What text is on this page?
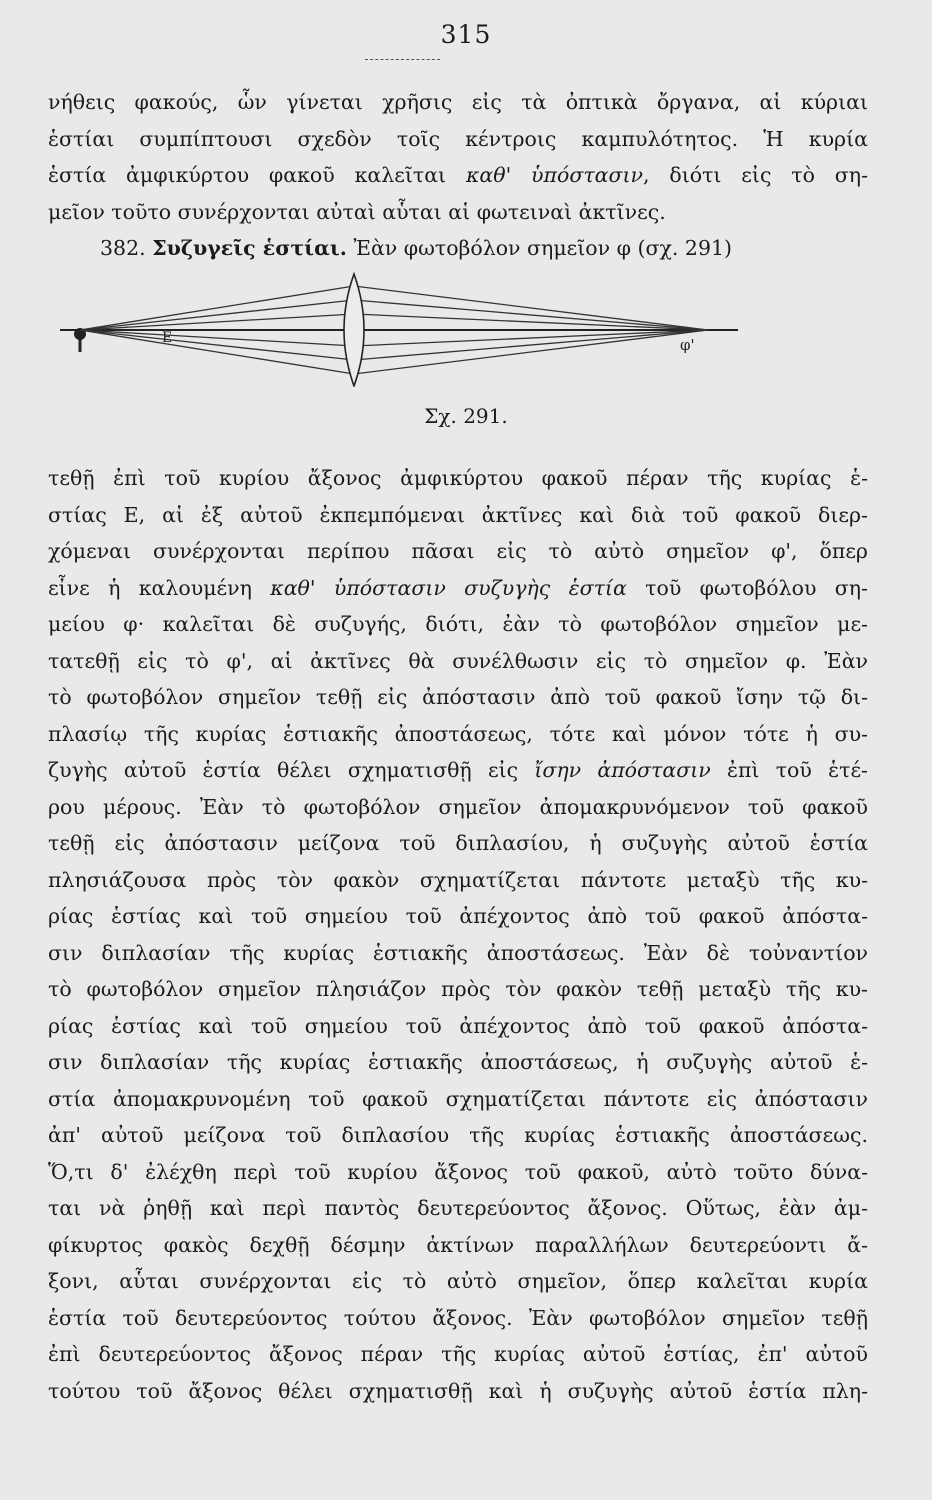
315
νήθεις φακούς, ὧν γίνεται χρῆσις εἰς τὰ ὀπτικὰ ὄργανα, αἱ κύριαι
ἑστίαι συμπίπτουσι σχεδὸν τοῖς κέντροις καμπυλότητος. Ἡ κυρία
ἑστία ἀμφικύρτου φακοῦ καλεῖται καθ' ὑπόστασιν, διότι εἰς τὸ ση-
μεῖον τοῦτο συνέρχονται αὐταὶ αὗται αἱ φωτειναὶ ἀκτῖνες.
382. Συζυγεῖς ἑστίαι. Ἐὰν φωτοβόλον σημεῖον φ (σχ. 291)
E	φ'
Σχ. 291.
τεθῇ ἐπὶ τοῦ κυρίου ἄξονος ἀμφικύρτου φακοῦ πέραν τῆς κυρίας ἑ-
στίας Ε, αἱ ἐξ αὐτοῦ ἐκπεμπόμεναι ἀκτῖνες καὶ διὰ τοῦ φακοῦ διερ-
χόμεναι συνέρχονται περίπου πᾶσαι εἰς τὸ αὐτὸ σημεῖον φ', ὅπερ
εἶνε ἡ καλουμένη καθ' ὑπόστασιν συζυγὴς ἑστία τοῦ φωτοβόλου ση-
μείου φ· καλεῖται δὲ συζυγής, διότι, ἐὰν τὸ φωτοβόλον σημεῖον με-
τατεθῇ εἰς τὸ φ', αἱ ἀκτῖνες θὰ συνέλθωσιν εἰς τὸ σημεῖον φ. Ἐὰν
τὸ φωτοβόλον σημεῖον τεθῇ εἰς ἀπόστασιν ἀπὸ τοῦ φακοῦ ἴσην τῷ δι-
πλασίῳ τῆς κυρίας ἑστιακῆς ἀποστάσεως, τότε καὶ μόνον τότε ἡ συ-
ζυγὴς αὐτοῦ ἑστία θέλει σχηματισθῇ εἰς ἴσην ἀπόστασιν ἐπὶ τοῦ ἑτέ-
ρου μέρους. Ἐὰν τὸ φωτοβόλον σημεῖον ἀπομακρυνόμενον τοῦ φακοῦ
τεθῇ εἰς ἀπόστασιν μείζονα τοῦ διπλασίου, ἡ συζυγὴς αὐτοῦ ἑστία
πλησιάζουσα πρὸς τὸν φακὸν σχηματίζεται πάντοτε μεταξὺ τῆς κυ-
ρίας ἑστίας καὶ τοῦ σημείου τοῦ ἀπέχοντος ἀπὸ τοῦ φακοῦ ἀπόστα-
σιν διπλασίαν τῆς κυρίας ἑστιακῆς ἀποστάσεως. Ἐὰν δὲ τοὐναντίον
τὸ φωτοβόλον σημεῖον πλησιάζον πρὸς τὸν φακὸν τεθῇ μεταξὺ τῆς κυ-
ρίας ἑστίας καὶ τοῦ σημείου τοῦ ἀπέχοντος ἀπὸ τοῦ φακοῦ ἀπόστα-
σιν διπλασίαν τῆς κυρίας ἑστιακῆς ἀποστάσεως, ἡ συζυγὴς αὐτοῦ ἑ-
στία ἀπομακρυνομένη τοῦ φακοῦ σχηματίζεται πάντοτε εἰς ἀπόστασιν
ἀπ' αὐτοῦ μείζονα τοῦ διπλασίου τῆς κυρίας ἑστιακῆς ἀποστάσεως.
Ὅ,τι δ' ἐλέχθη περὶ τοῦ κυρίου ἄξονος τοῦ φακοῦ, αὐτὸ τοῦτο δύνα-
ται νὰ ῥηθῇ καὶ περὶ παντὸς δευτερεύοντος ἄξονος. Οὕτως, ἐὰν ἀμ-
φίκυρτος φακὸς δεχθῇ δέσμην ἀκτίνων παραλλήλων δευτερεύοντι ἄ-
ξονι, αὗται συνέρχονται εἰς τὸ αὐτὸ σημεῖον, ὅπερ καλεῖται κυρία
ἑστία τοῦ δευτερεύοντος τούτου ἄξονος. Ἐὰν φωτοβόλον σημεῖον τεθῇ
ἐπὶ δευτερεύοντος ἄξονος πέραν τῆς κυρίας αὐτοῦ ἑστίας, ἐπ' αὐτοῦ
τούτου τοῦ ἄξονος θέλει σχηματισθῇ καὶ ἡ συζυγὴς αὐτοῦ ἑστία πλη-
